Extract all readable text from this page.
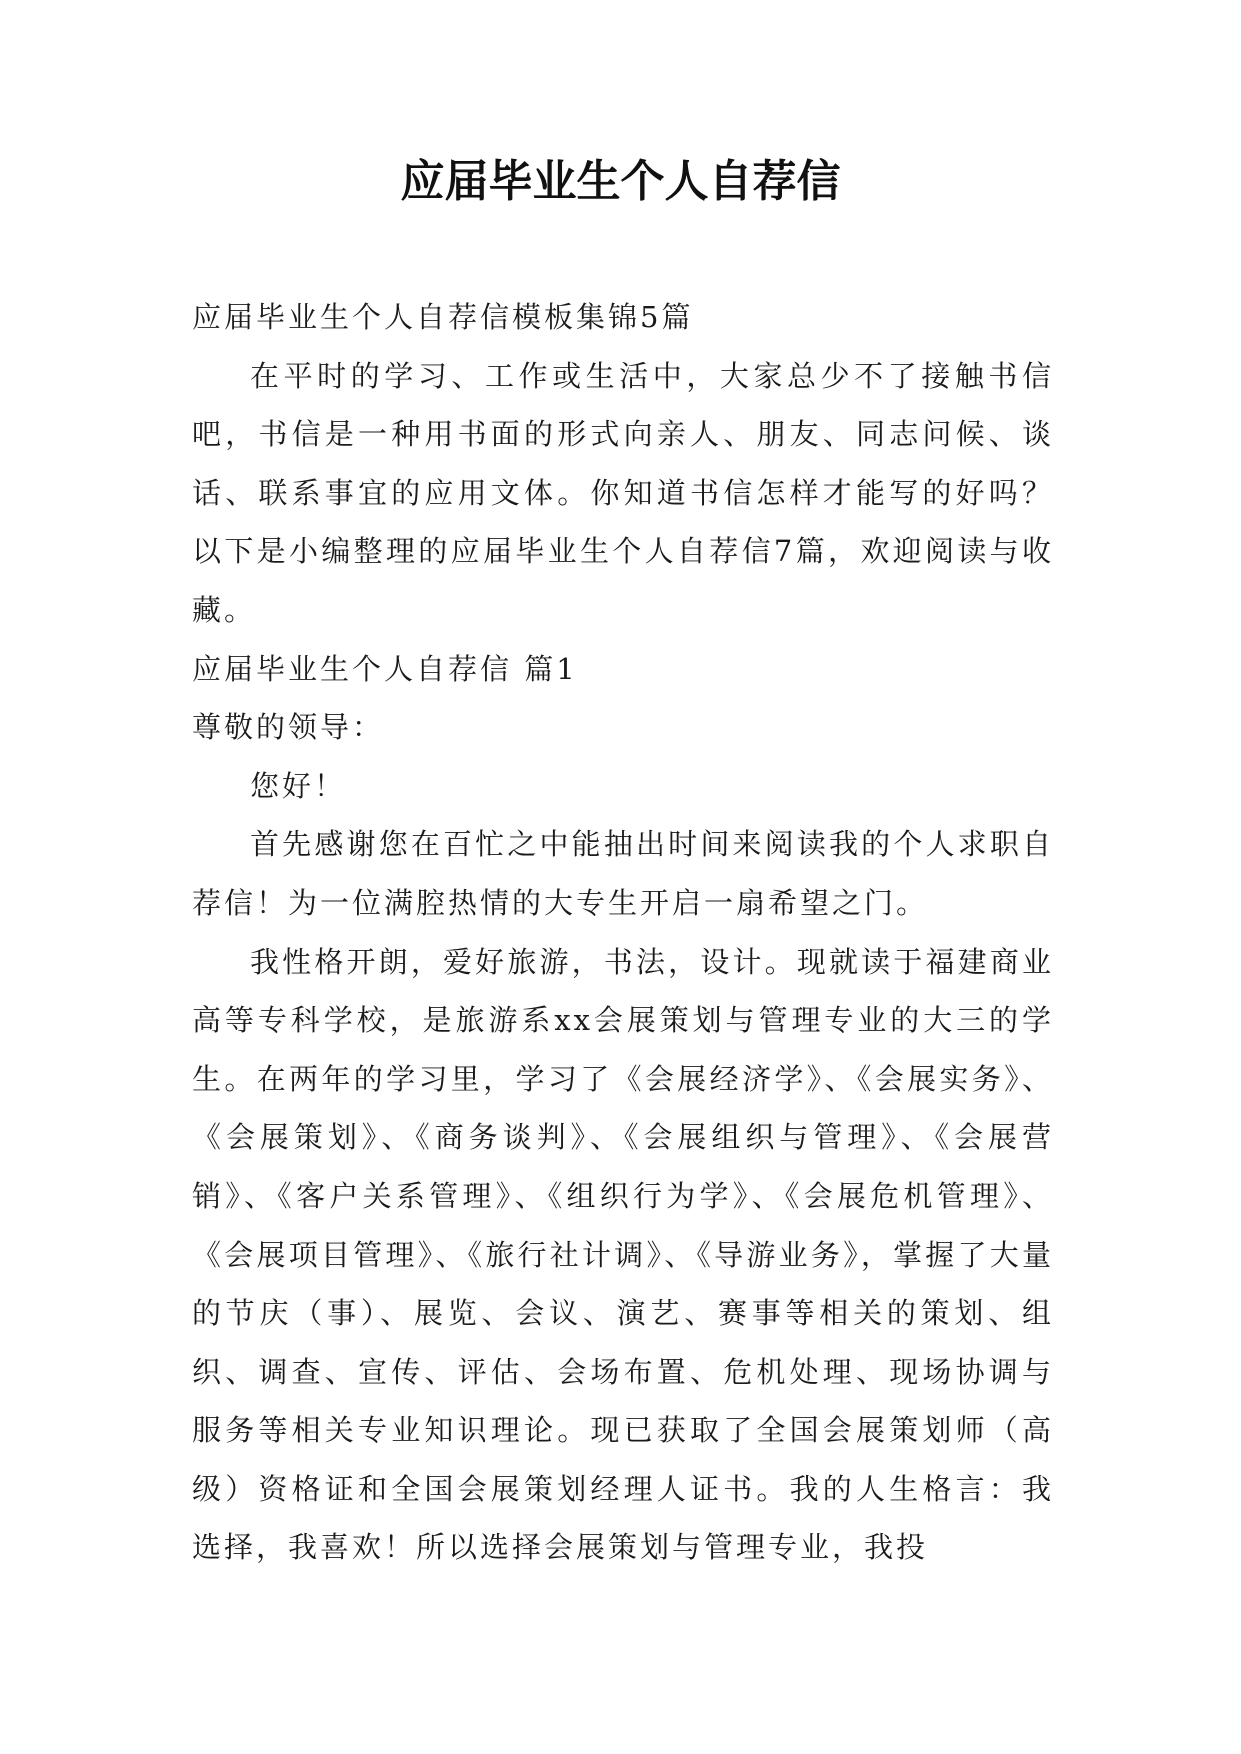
应届毕业生个人自荐信

应届毕业生个人自荐信模板集锦5篇

在平时的学习、工作或生活中，大家总少不了接触书信吧，书信是一种用书面的形式向亲人、朋友、同志问候、谈话、联系事宜的应用文体。你知道书信怎样才能写的好吗？以下是小编整理的应届毕业生个人自荐信7篇，欢迎阅读与收藏。

应届毕业生个人自荐信 篇1

尊敬的领导：

您好！

首先感谢您在百忙之中能抽出时间来阅读我的个人求职自荐信！为一位满腔热情的大专生开启一扇希望之门。

我性格开朗，爱好旅游，书法，设计。现就读于福建商业高等专科学校，是旅游系xx会展策划与管理专业的大三的学生。在两年的学习里，学习了《会展经济学》、《会展实务》、《会展策划》、《商务谈判》、《会展组织与管理》、《会展营销》、《客户关系管理》、《组织行为学》、《会展危机管理》、《会展项目管理》、《旅行社计调》、《导游业务》，掌握了大量的节庆（事）、展览、会议、演艺、赛事等相关的策划、组织、调查、宣传、评估、会场布置、危机处理、现场协调与服务等相关专业知识理论。现已获取了全国会展策划师（高级）资格证和全国会展策划经理人证书。我的人生格言：我选择，我喜欢！所以选择会展策划与管理专业，我投
